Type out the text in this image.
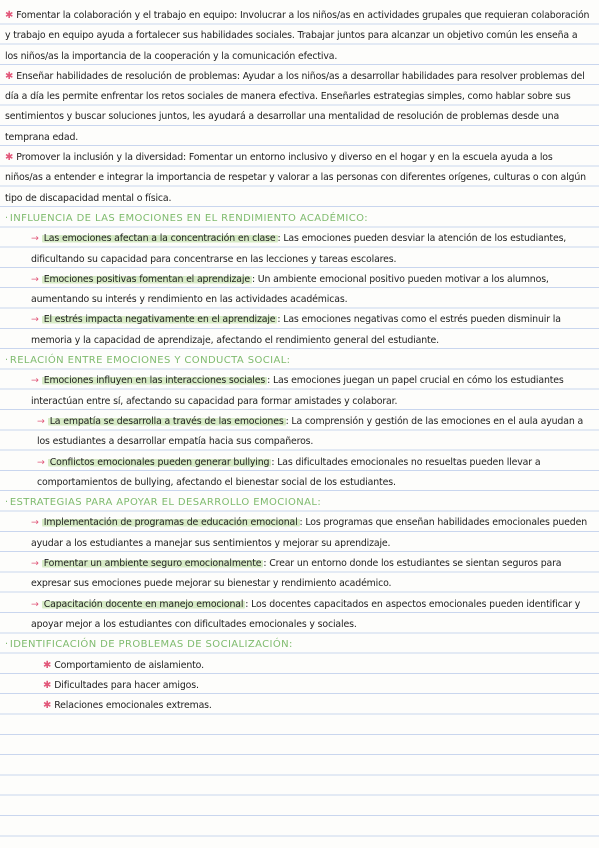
✱ Fomentar la colaboración y el trabajo en equipo: Involucrar a los niños/as en actividades grupales que requieran colaboración y trabajo en equipo ayuda a fortalecer sus habilidades sociales. Trabajar juntos para alcanzar un objetivo común les enseña a los niños/as la importancia de la cooperación y la comunicación efectiva.

✱ Enseñar habilidades de resolución de problemas: Ayudar a los niños/as a desarrollar habilidades para resolver problemas del día a día les permite enfrentar los retos sociales de manera efectiva. Enseñarles estrategias simples, como hablar sobre sus sentimientos y buscar soluciones juntos, les ayudará a desarrollar una mentalidad de resolución de problemas desde una temprana edad.

✱ Promover la inclusión y la diversidad: Fomentar un entorno inclusivo y diverso en el hogar y en la escuela ayuda a los niños/as a entender e integrar la importancia de respetar y valorar a las personas con diferentes orígenes, culturas o con algún tipo de discapacidad mental o física.

· INFLUENCIA DE LAS EMOCIONES EN EL RENDIMIENTO ACADÉMICO:

→ Las emociones afectan a la concentración en clase : Las emociones pueden desviar la atención de los estudiantes, dificultando su capacidad para concentrarse en las lecciones y tareas escolares.

→ Emociones positivas fomentan el aprendizaje : Un ambiente emocional positivo pueden motivar a los alumnos, aumentando su interés y rendimiento en las actividades académicas.

→ El estrés impacta negativamente en el aprendizaje : Las emociones negativas como el estrés pueden disminuir la memoria y la capacidad de aprendizaje, afectando el rendimiento general del estudiante.

· RELACIÓN ENTRE EMOCIONES Y CONDUCTA SOCIAL:

→ Emociones influyen en las interacciones sociales : Las emociones juegan un papel crucial en cómo los estudiantes interactúan entre sí, afectando su capacidad para formar amistades y colaborar.

→ La empatía se desarrolla a través de las emociones : La comprensión y gestión de las emociones en el aula ayudan a los estudiantes a desarrollar empatía hacia sus compañeros.

→ Conflictos emocionales pueden generar bullying : Las dificultades emocionales no resueltas pueden llevar a comportamientos de bullying, afectando el bienestar social de los estudiantes.

· ESTRATEGIAS PARA APOYAR EL DESARROLLO EMOCIONAL:

→ Implementación de programas de educación emocional : Los programas que enseñan habilidades emocionales pueden ayudar a los estudiantes a manejar sus sentimientos y mejorar su aprendizaje.

→ Fomentar un ambiente seguro emocionalmente : Crear un entorno donde los estudiantes se sientan seguros para expresar sus emociones puede mejorar su bienestar y rendimiento académico.

→ Capacitación docente en manejo emocional : Los docentes capacitados en aspectos emocionales pueden identificar y apoyar mejor a los estudiantes con dificultades emocionales y sociales.

· IDENTIFICACIÓN DE PROBLEMAS DE SOCIALIZACIÓN:

✱ Comportamiento de aislamiento.

✱ Dificultades para hacer amigos.

✱ Relaciones emocionales extremas.
